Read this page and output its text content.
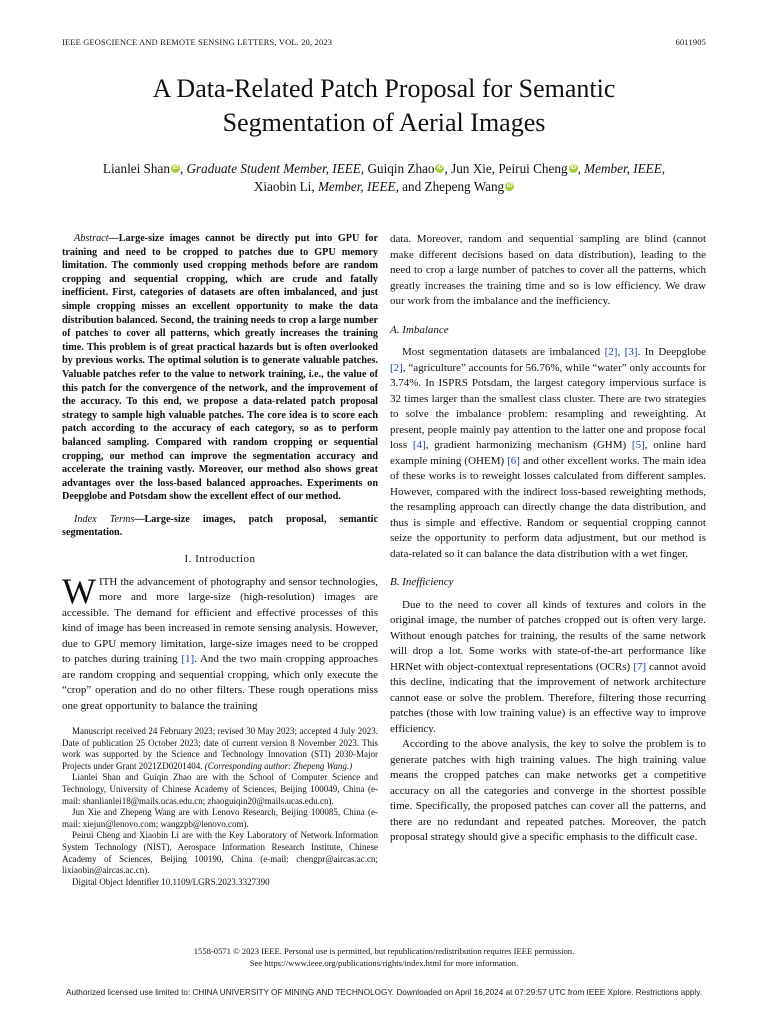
IEEE GEOSCIENCE AND REMOTE SENSING LETTERS, VOL. 20, 2023	6011905
A Data-Related Patch Proposal for Semantic
Segmentation of Aerial Images
Lianlei Shan iD , Graduate Student Member, IEEE, Guiqin Zhao iD , Jun Xie, Peirui Cheng iD , Member, IEEE,
Xiaobin Li, Member, IEEE, and Zhepeng Wang iD

Abstract—Large-size images cannot be directly put into GPU for training and need to be cropped to patches due to GPU memory limitation. The commonly used cropping methods before are random cropping and sequential cropping, which are crude and fatally inefficient. First, categories of datasets are often imbalanced, and just simple cropping misses an excellent opportunity to make the data distribution balanced. Second, the training needs to crop a large number of patches to cover all patterns, which greatly increases the training time. This problem is of great practical hazards but is often overlooked by previous works. The optimal solution is to generate valuable patches. Valuable patches refer to the value to network training, i.e., the value of this patch for the convergence of the network, and the improvement of the accuracy. To this end, we propose a data-related patch proposal strategy to sample high valuable patches. The core idea is to score each patch according to the accuracy of each category, so as to perform balanced sampling. Compared with random cropping or sequential cropping, our method can improve the segmentation accuracy and accelerate the training vastly. Moreover, our method also shows great advantages over the loss-based balanced approaches. Experiments on Deepglobe and Potsdam show the excellent effect of our method.

Index Terms—Large-size images, patch proposal, semantic segmentation.

I. Introduction

WITH the advancement of photography and sensor technologies, more and more large-size (high-resolution) images are accessible. The demand for efficient and effective processes of this kind of image has been increased in remote sensing analysis. However, due to GPU memory limitation, large-size images need to be cropped to patches during training [1]. And the two main cropping approaches are random cropping and sequential cropping, which only execute the “crop” operation and do no other filters. These rough operations miss one great opportunity to balance the training

Manuscript received 24 February 2023; revised 30 May 2023; accepted 4 July 2023. Date of publication 25 October 2023; date of current version 8 November 2023. This work was supported by the Science and Technology Innovation (STI) 2030-Major Projects under Grant 2021ZD0201404. (Corresponding author: Zhepeng Wang.)

Lianlei Shan and Guiqin Zhao are with the School of Computer Science and Technology, University of Chinese Academy of Sciences, Beijing 100049, China (e-mail: shanlianlei18@mails.ucas.edu.cn; zhaoguiqin20@mails.ucas.edu.cn).

Jun Xie and Zhepeng Wang are with Lenovo Research, Beijing 100085, China (e-mail: xiejun@lenovo.com; wangzpb@lenovo.com).

Peirui Cheng and Xiaobin Li are with the Key Laboratory of Network Information System Technology (NIST), Aerospace Information Research Institute, Chinese Academy of Sciences, Beijing 100190, China (e-mail: chengpr@aircas.ac.cn; lixiaobin@aircas.ac.cn).

Digital Object Identifier 10.1109/LGRS.2023.3327390

data. Moreover, random and sequential sampling are blind (cannot make different decisions based on data distribution), leading to the need to crop a large number of patches to cover all the patterns, which greatly increases the training time and so is low efficiency. We draw our work from the imbalance and the inefficiency.

A. Imbalance

Most segmentation datasets are imbalanced [2], [3]. In Deepglobe [2], “agriculture” accounts for 56.76%, while “water” only accounts for 3.74%. In ISPRS Potsdam, the largest category impervious surface is 32 times larger than the smallest class cluster. There are two strategies to solve the imbalance problem: resampling and reweighting. At present, people mainly pay attention to the latter one and propose focal loss [4], gradient harmonizing mechanism (GHM) [5], online hard example mining (OHEM) [6] and other excellent works. The main idea of these works is to reweight losses calculated from different samples. However, compared with the indirect loss-based reweighting methods, the resampling approach can directly change the data distribution, and thus is simple and effective. Random or sequential cropping cannot seize the opportunity to perform data adjustment, but our method is data-related so it can balance the data distribution with a wet finger.

B. Inefficiency

Due to the need to cover all kinds of textures and colors in the original image, the number of patches cropped out is often very large. Without enough patches for training, the results of the same network will drop a lot. Some works with state-of-the-art performance like HRNet with object-contextual representations (OCRs) [7] cannot avoid this decline, indicating that the improvement of network architecture cannot ease or solve the problem. Therefore, filtering those recurring patches (those with low training value) is an effective way to improve efficiency.

According to the above analysis, the key to solve the problem is to generate patches with high training values. The high training value means the cropped patches can make networks get a competitive accuracy on all the categories and converge in the shortest possible time. Specifically, the proposed patches can cover all the patterns, and there are no redundant and repeated patches. Moreover, the patch proposal strategy should give a specific emphasis to the difficult case.

1558-0571 © 2023 IEEE. Personal use is permitted, but republication/redistribution requires IEEE permission.
See https://www.ieee.org/publications/rights/index.html for more information.
Authorized licensed use limited to: CHINA UNIVERSITY OF MINING AND TECHNOLOGY. Downloaded on April 16,2024 at 07:29:57 UTC from IEEE Xplore. Restrictions apply.
